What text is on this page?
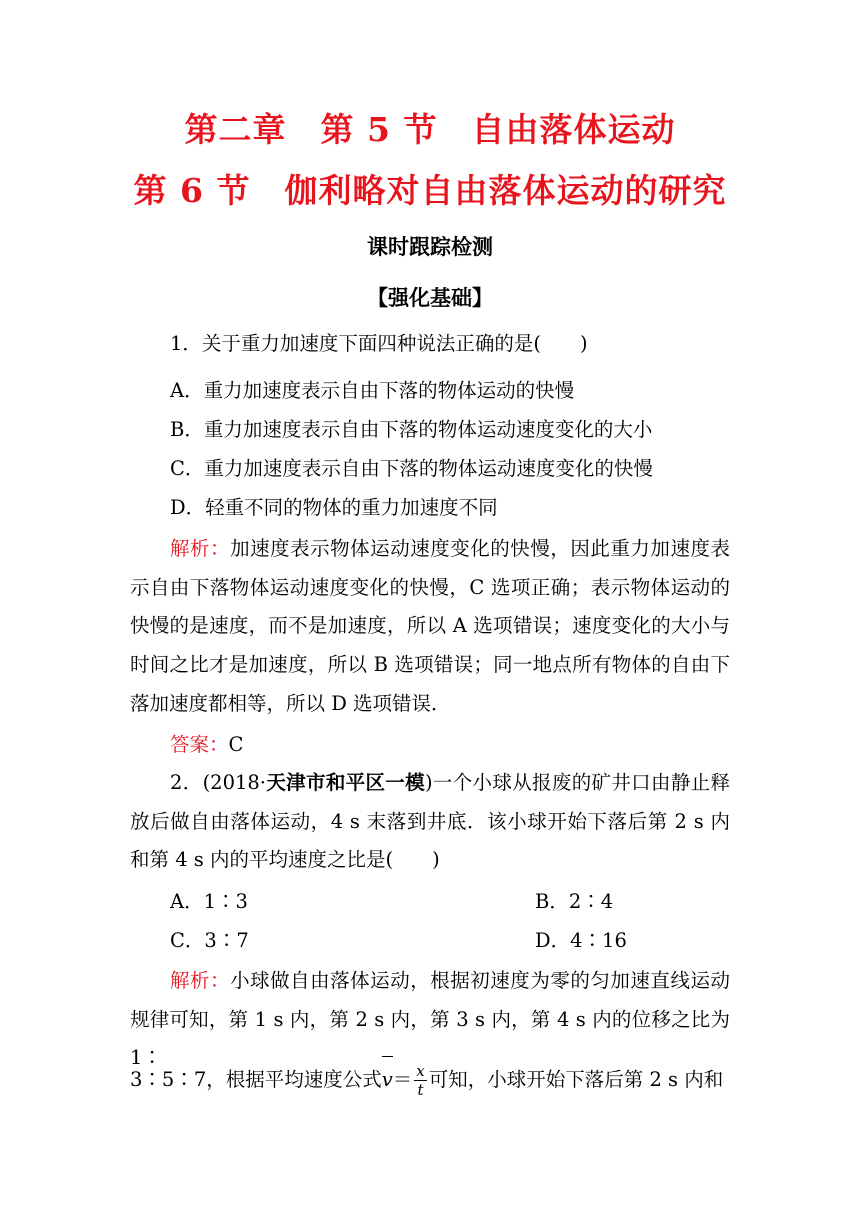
第二章　第 5 节　自由落体运动
第 6 节　伽利略对自由落体运动的研究
课时跟踪检测
【强化基础】
1．关于重力加速度下面四种说法正确的是(　　)
A．重力加速度表示自由下落的物体运动的快慢
B．重力加速度表示自由下落的物体运动速度变化的大小
C．重力加速度表示自由下落的物体运动速度变化的快慢
D．轻重不同的物体的重力加速度不同
解析：加速度表示物体运动速度变化的快慢，因此重力加速度表示自由下落物体运动速度变化的快慢，C 选项正确；表示物体运动的快慢的是速度，而不是加速度，所以 A 选项错误；速度变化的大小与时间之比才是加速度，所以 B 选项错误；同一地点所有物体的自由下落加速度都相等，所以 D 选项错误．
答案：C
2．(2018·天津市和平区一模)一个小球从报废的矿井口由静止释放后做自由落体运动，4 s 末落到井底．该小球开始下落后第 2 s 内和第 4 s 内的平均速度之比是(　　)
A．1∶3	B．2∶4
C．3∶7	D．4∶16
解析：小球做自由落体运动，根据初速度为零的匀加速直线运动规律可知，第 1 s 内，第 2 s 内，第 3 s 内，第 4 s 内的位移之比为 1∶
3∶5∶7，根据平均速度公式$v= \frac{x}{t}$ 可知，小球开始下落后第 2 s 内和
